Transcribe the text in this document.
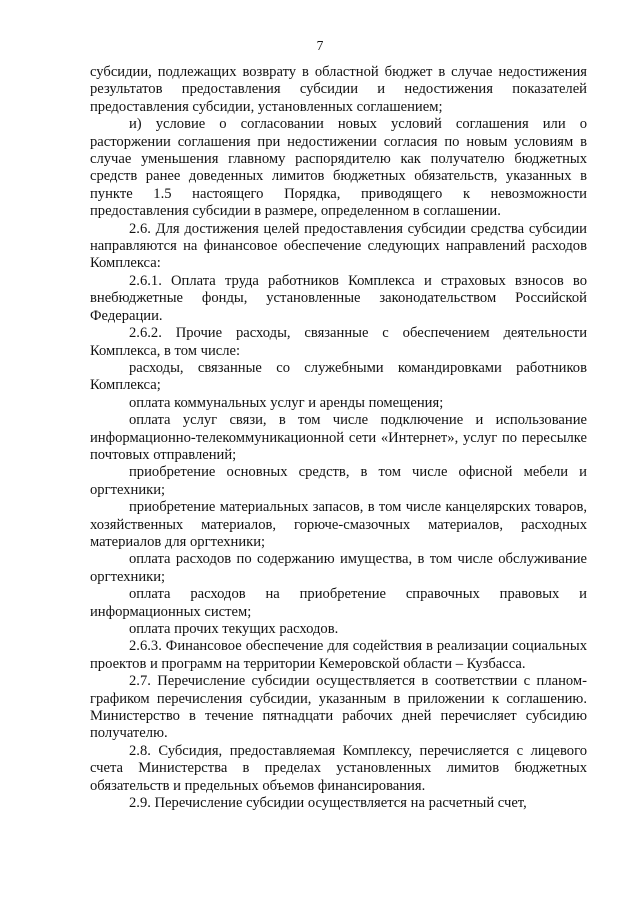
7

субсидии, подлежащих возврату в областной бюджет в случае недостижения результатов предоставления субсидии и недостижения показателей предоставления субсидии, установленных соглашением;

и) условие о согласовании новых условий соглашения или о расторжении соглашения при недостижении согласия по новым условиям в случае уменьшения главному распорядителю как получателю бюджетных средств ранее доведенных лимитов бюджетных обязательств, указанных в пункте 1.5 настоящего Порядка, приводящего к невозможности предоставления субсидии в размере, определенном в соглашении.

2.6. Для достижения целей предоставления субсидии средства субсидии направляются на финансовое обеспечение следующих направлений расходов Комплекса:

2.6.1. Оплата труда работников Комплекса и страховых взносов во внебюджетные фонды, установленные законодательством Российской Федерации.

2.6.2. Прочие расходы, связанные с обеспечением деятельности Комплекса, в том числе:

расходы, связанные со служебными командировками работников Комплекса;

оплата коммунальных услуг и аренды помещения;

оплата услуг связи, в том числе подключение и использование информационно-телекоммуникационной сети «Интернет», услуг по пересылке почтовых отправлений;

приобретение основных средств, в том числе офисной мебели и оргтехники;

приобретение материальных запасов, в том числе канцелярских товаров, хозяйственных материалов, горюче-смазочных материалов, расходных материалов для оргтехники;

оплата расходов по содержанию имущества, в том числе обслуживание оргтехники;

оплата расходов на приобретение справочных правовых и информационных систем;

оплата прочих текущих расходов.

2.6.3. Финансовое обеспечение для содействия в реализации социальных проектов и программ на территории Кемеровской области – Кузбасса.

2.7. Перечисление субсидии осуществляется в соответствии с планом-графиком перечисления субсидии, указанным в приложении к соглашению. Министерство в течение пятнадцати рабочих дней перечисляет субсидию получателю.

2.8. Субсидия, предоставляемая Комплексу, перечисляется с лицевого счета Министерства в пределах установленных лимитов бюджетных обязательств и предельных объемов финансирования.

2.9. Перечисление субсидии осуществляется на расчетный счет,
